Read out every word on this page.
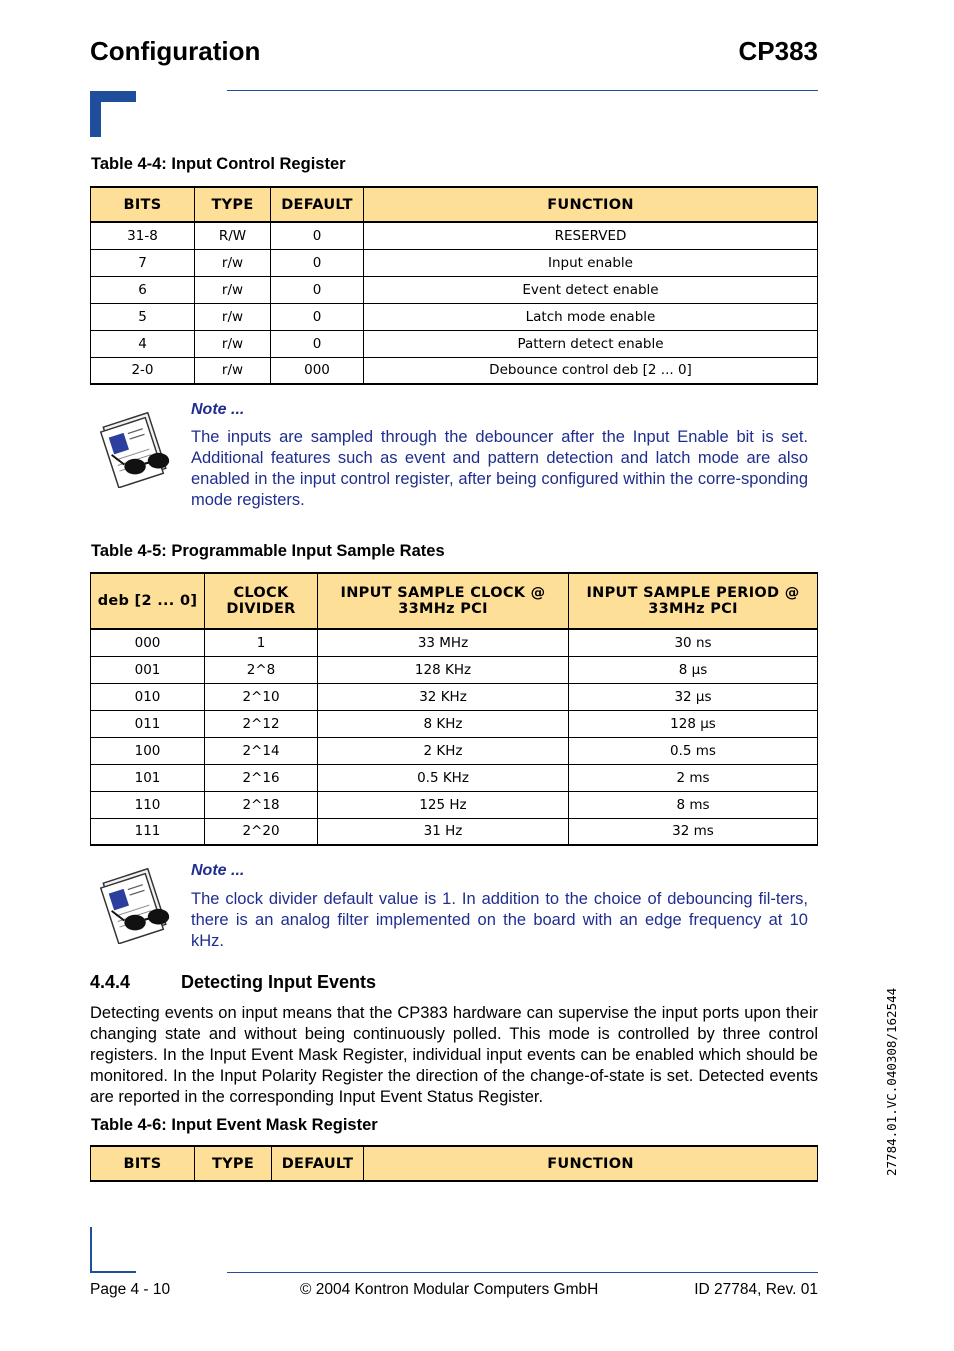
Configuration	CP383
Table 4-4: Input Control Register
BITS	TYPE	DEFAULT	FUNCTION
31-8	R/W	0	RESERVED
7	r/w	0	Input enable
6	r/w	0	Event detect enable
5	r/w	0	Latch mode enable
4	r/w	0	Pattern detect enable
2-0	r/w	000	Debounce control deb [2 ... 0]
Note ...
The inputs are sampled through the debouncer after the Input Enable bit is set. Additional features such as event and pattern detection and latch mode are also enabled in the input control register, after being configured within the corre-sponding mode registers.
Table 4-5: Programmable Input Sample Rates
deb [2 ... 0]	CLOCK DIVIDER	INPUT SAMPLE CLOCK @ 33MHz PCI	INPUT SAMPLE PERIOD @ 33MHz PCI
000	1	33 MHz	30 ns
001	2^8	128 KHz	8 µs
010	2^10	32 KHz	32 µs
011	2^12	8 KHz	128 µs
100	2^14	2 KHz	0.5 ms
101	2^16	0.5 KHz	2 ms
110	2^18	125 Hz	8 ms
111	2^20	31 Hz	32 ms
Note ...
The clock divider default value is 1. In addition to the choice of debouncing fil-ters, there is an analog filter implemented on the board with an edge frequency at 10 kHz.
4.4.4	Detecting Input Events
Detecting events on input means that the CP383 hardware can supervise the input ports upon their changing state and without being continuously polled. This mode is controlled by three control registers. In the Input Event Mask Register, individual input events can be enabled which should be monitored. In the Input Polarity Register the direction of the change-of-state is set. Detected events are reported in the corresponding Input Event Status Register.
Table 4-6: Input Event Mask Register
BITS	TYPE	DEFAULT	FUNCTION
Page 4 - 10	© 2004 Kontron Modular Computers GmbH	ID 27784, Rev. 01
27784.01.VC.040308/162544
